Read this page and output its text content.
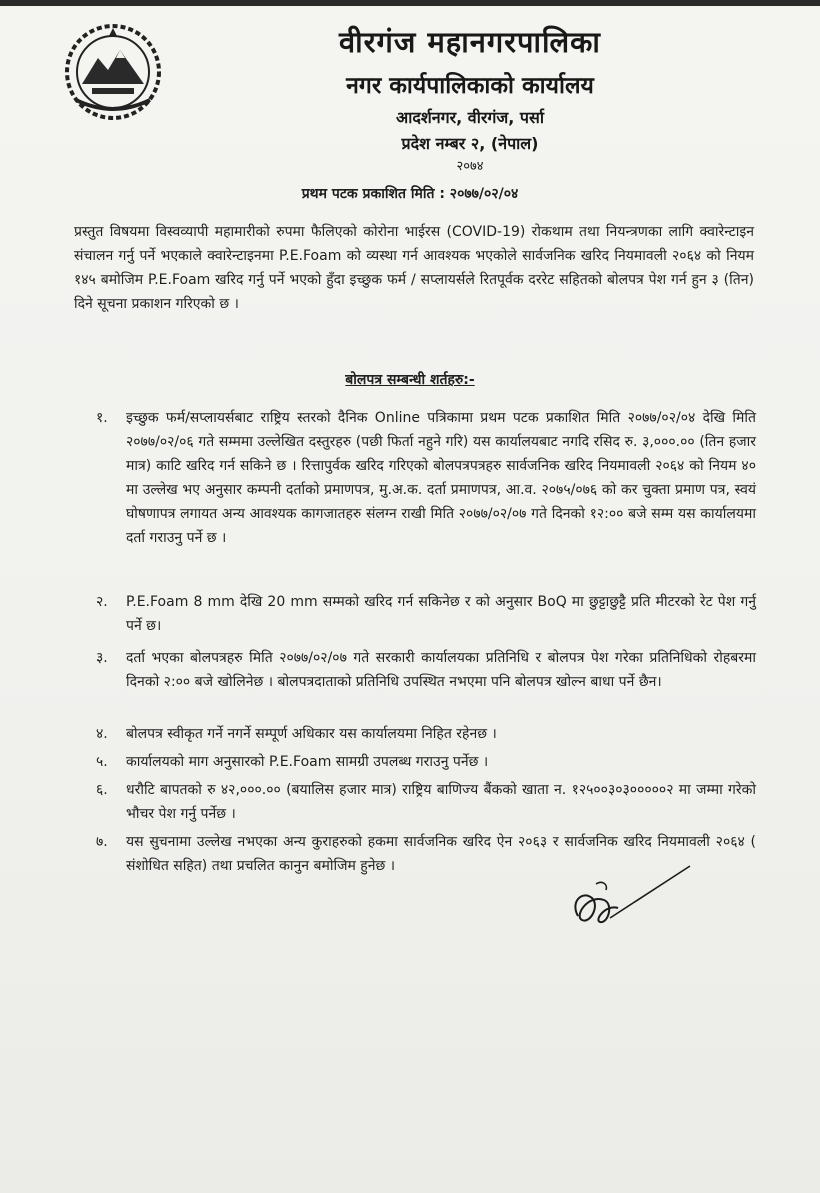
वीरगंज महानगरपालिका
नगर कार्यपालिकाको कार्यालय
आदर्शनगर, वीरगंज, पर्सा
प्रदेश नम्बर २, (नेपाल)
२०७४
प्रथम पटक प्रकाशित मिति : २०७७/०२/०४
प्रस्तुत विषयमा विस्वव्यापी महामारीको रुपमा फैलिएको कोरोना भाईरस (COVID-19) रोकथाम तथा नियन्त्रणका लागि क्वारेन्टाइन संचालन गर्नु पर्ने भएकाले क्वारेन्टाइनमा P.E.Foam को व्यस्था गर्न आवश्यक भएकोले सार्वजनिक खरिद नियमावली २०६४ को नियम १४५ बमोजिम P.E.Foam खरिद गर्नु पर्ने भएको हुँदा इच्छुक फर्म / सप्लायर्सले रितपूर्वक दररेट सहितको बोलपत्र पेश गर्न हुन ३ (तिन) दिने सूचना प्रकाशन गरिएको छ ।
बोलपत्र सम्बन्धी शर्तहरु:-
१.	इच्छुक फर्म/सप्लायर्सबाट राष्ट्रिय स्तरको दैनिक Online पत्रिकामा प्रथम पटक प्रकाशित मिति २०७७/०२/०४ देखि मिति २०७७/०२/०६ गते सम्ममा उल्लेखित दस्तुरहरु (पछी फिर्ता नहुने गरि) यस कार्यालयबाट नगदि रसिद रु. ३,०००.०० (तिन हजार मात्र) काटि खरिद गर्न सकिने छ । रित्तापुर्वक खरिद गरिएको बोलपत्रपत्रहरु सार्वजनिक खरिद नियमावली २०६४ को नियम ४० मा उल्लेख भए अनुसार कम्पनी दर्ताको प्रमाणपत्र, मु.अ.क. दर्ता प्रमाणपत्र, आ.व. २०७५/०७६ को कर चुक्ता प्रमाण पत्र, स्वयं घोषणापत्र लगायत अन्य आवश्यक कागजातहरु संलग्न राखी मिति २०७७/०२/०७ गते दिनको १२:०० बजे सम्म यस कार्यालयमा दर्ता गराउनु पर्ने छ ।
२.	P.E.Foam 8 mm देखि 20 mm सम्मको खरिद गर्न सकिनेछ र को अनुसार BoQ मा छुट्टाछुट्टै प्रति मीटरको रेट पेश गर्नु पर्ने छ।
३.	दर्ता भएका बोलपत्रहरु मिति २०७७/०२/०७ गते सरकारी कार्यालयका प्रतिनिधि र बोलपत्र पेश गरेका प्रतिनिधिको रोहबरमा दिनको २:०० बजे खोलिनेछ । बोलपत्रदाताको प्रतिनिधि उपस्थित नभएमा पनि बोलपत्र खोल्न बाधा पर्ने छैन।
४.	बोलपत्र स्वीकृत गर्ने नगर्ने सम्पूर्ण अधिकार यस कार्यालयमा निहित रहेनछ ।
५.	कार्यालयको माग अनुसारको P.E.Foam सामग्री उपलब्ध गराउनु पर्नेछ ।
६.	धरौटि बापतको रु ४२,०००.०० (बयालिस हजार मात्र) राष्ट्रिय बाणिज्य बैंकको खाता न. १२५००३०३०००००२ मा जम्मा गरेको भौचर पेश गर्नु पर्नेछ ।
७.	यस सुचनामा उल्लेख नभएका अन्य कुराहरुको हकमा सार्वजनिक खरिद ऐन २०६३ र सार्वजनिक खरिद नियमावली २०६४ ( संशोधित सहित) तथा प्रचलित कानुन बमोजिम हुनेछ ।
